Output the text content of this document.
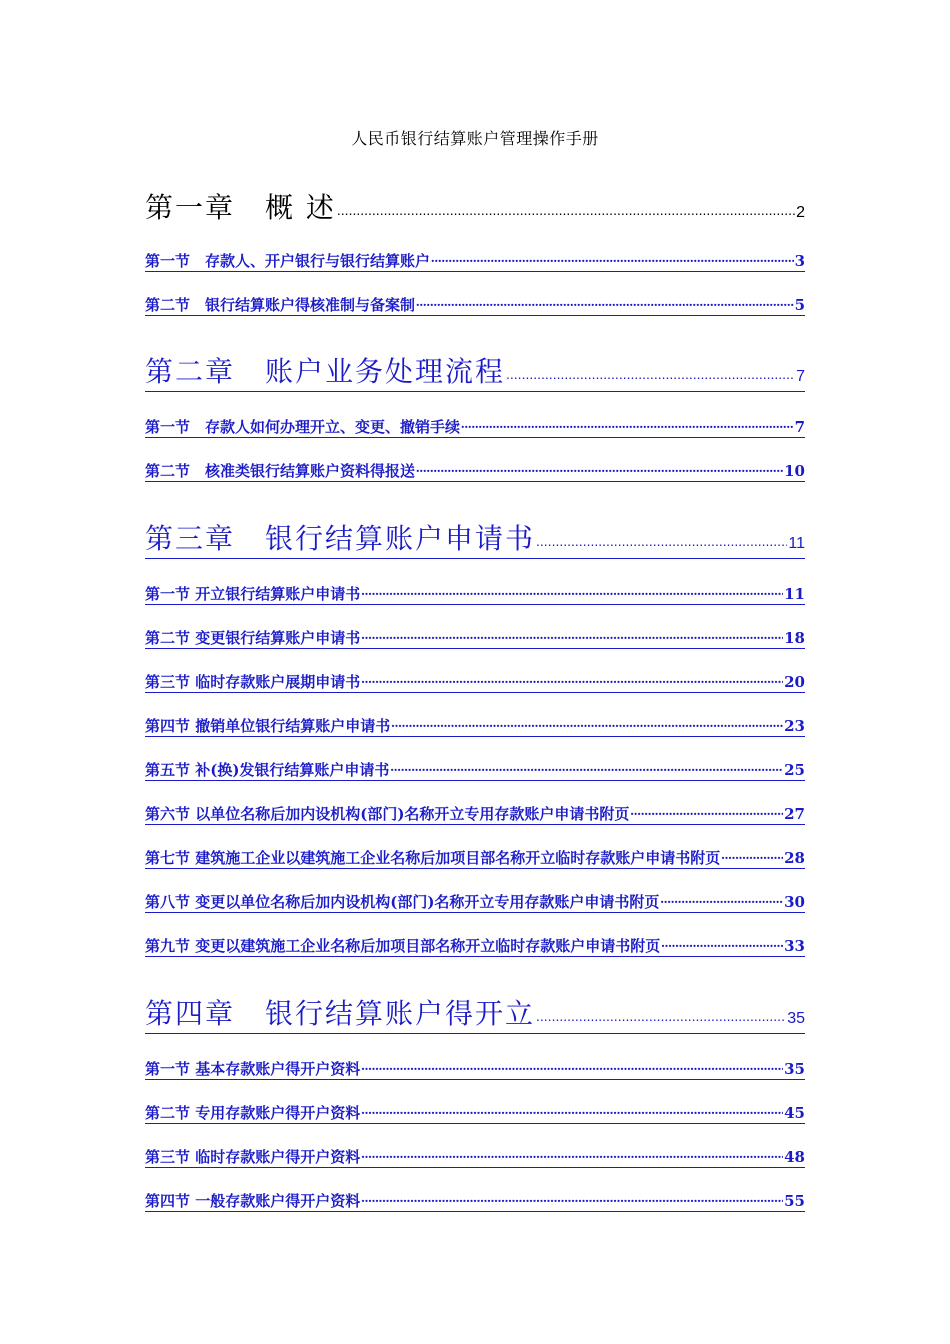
人民币银行结算账户管理操作手册
第一章　概 述 .....	2
第一节　存款人、开户银行与银行结算账户 .....	3
第二节　银行结算账户得核准制与备案制 .....	5
第二章　账户业务处理流程 .....	7
第一节　存款人如何办理开立、变更、撤销手续 .....	7
第二节　核准类银行结算账户资料得报送 .....	10
第三章　银行结算账户申请书 .....	11
第一节 开立银行结算账户申请书 .....	11
第二节 变更银行结算账户申请书 .....	18
第三节 临时存款账户展期申请书 .....	20
第四节 撤销单位银行结算账户申请书 .....	23
第五节 补(换)发银行结算账户申请书 .....	25
第六节 以单位名称后加内设机构(部门)名称开立专用存款账户申请书附页 .....	27
第七节 建筑施工企业以建筑施工企业名称后加项目部名称开立临时存款账户申请书附页 .....	28
第八节 变更以单位名称后加内设机构(部门)名称开立专用存款账户申请书附页 .....	30
第九节 变更以建筑施工企业名称后加项目部名称开立临时存款账户申请书附页 .....	33
第四章　银行结算账户得开立 .....	35
第一节 基本存款账户得开户资料 .....	35
第二节 专用存款账户得开户资料 .....	45
第三节 临时存款账户得开户资料 .....	48
第四节 一般存款账户得开户资料 .....	55
